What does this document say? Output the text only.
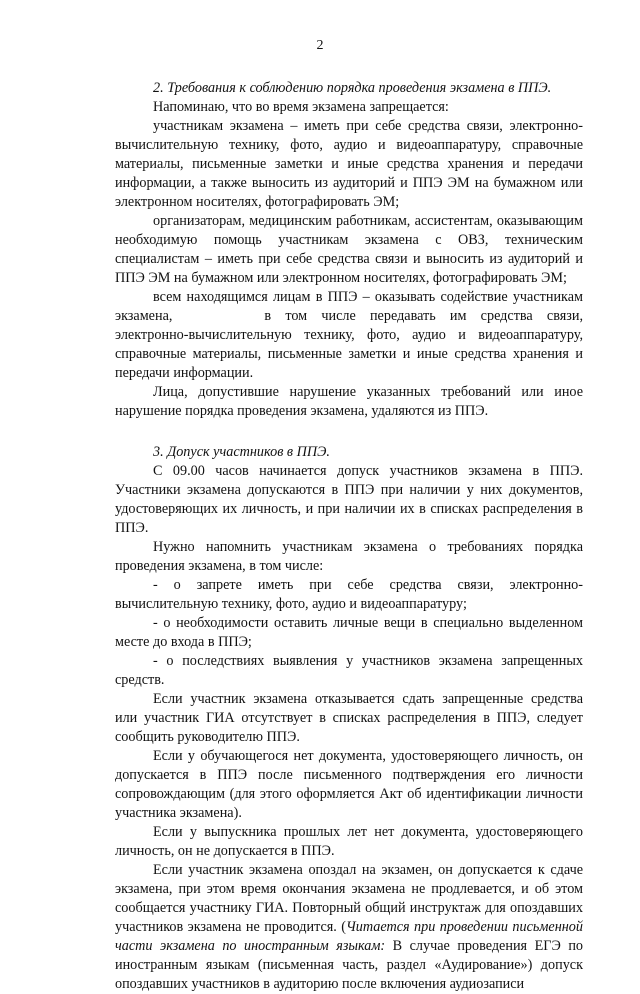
2

2. Требования к соблюдению порядка проведения экзамена в ППЭ.

Напоминаю, что во время экзамена запрещается:

участникам экзамена – иметь при себе средства связи, электронно-вычислительную технику, фото, аудио и видеоаппаратуру, справочные материалы, письменные заметки и иные средства хранения и передачи информации, а также выносить из аудиторий и ППЭ ЭМ на бумажном или электронном носителях, фотографировать ЭМ;

организаторам, медицинским работникам, ассистентам, оказывающим необходимую помощь участникам экзамена с ОВЗ, техническим специалистам – иметь при себе средства связи и выносить из аудиторий и ППЭ ЭМ на бумажном или электронном носителях, фотографировать ЭМ;

всем находящимся лицам в ППЭ – оказывать содействие участникам экзамена,	в том числе передавать им средства связи, электронно-вычислительную технику, фото, аудио и видеоаппаратуру, справочные материалы, письменные заметки и иные средства хранения и передачи информации.

Лица, допустившие нарушение указанных требований или иное нарушение порядка проведения экзамена, удаляются из ППЭ.

3. Допуск участников в ППЭ.

С 09.00 часов начинается допуск участников экзамена в ППЭ. Участники экзамена допускаются в ППЭ при наличии у них документов, удостоверяющих их личность, и при наличии их в списках распределения в ППЭ.

Нужно напомнить участникам экзамена о требованиях порядка проведения экзамена, в том числе:

- о запрете иметь при себе средства связи, электронно-вычислительную технику, фото, аудио и видеоаппаратуру;

- о необходимости оставить личные вещи в специально выделенном месте до входа в ППЭ;

- о последствиях выявления у участников экзамена запрещенных средств.

Если участник экзамена отказывается сдать запрещенные средства или участник ГИА отсутствует в списках распределения в ППЭ, следует сообщить руководителю ППЭ.

Если у обучающегося нет документа, удостоверяющего личность, он допускается в ППЭ после письменного подтверждения его личности сопровождающим (для этого оформляется Акт об идентификации личности участника экзамена).

Если у выпускника прошлых лет нет документа, удостоверяющего личность, он не допускается в ППЭ.

Если участник экзамена опоздал на экзамен, он допускается к сдаче экзамена, при этом время окончания экзамена не продлевается, и об этом сообщается участнику ГИА. Повторный общий инструктаж для опоздавших участников экзамена не проводится. (Читается при проведении письменной части экзамена по иностранным языкам: В случае проведения ЕГЭ по иностранным языкам (письменная часть, раздел «Аудирование») допуск опоздавших участников в аудиторию после включения аудиозаписи
